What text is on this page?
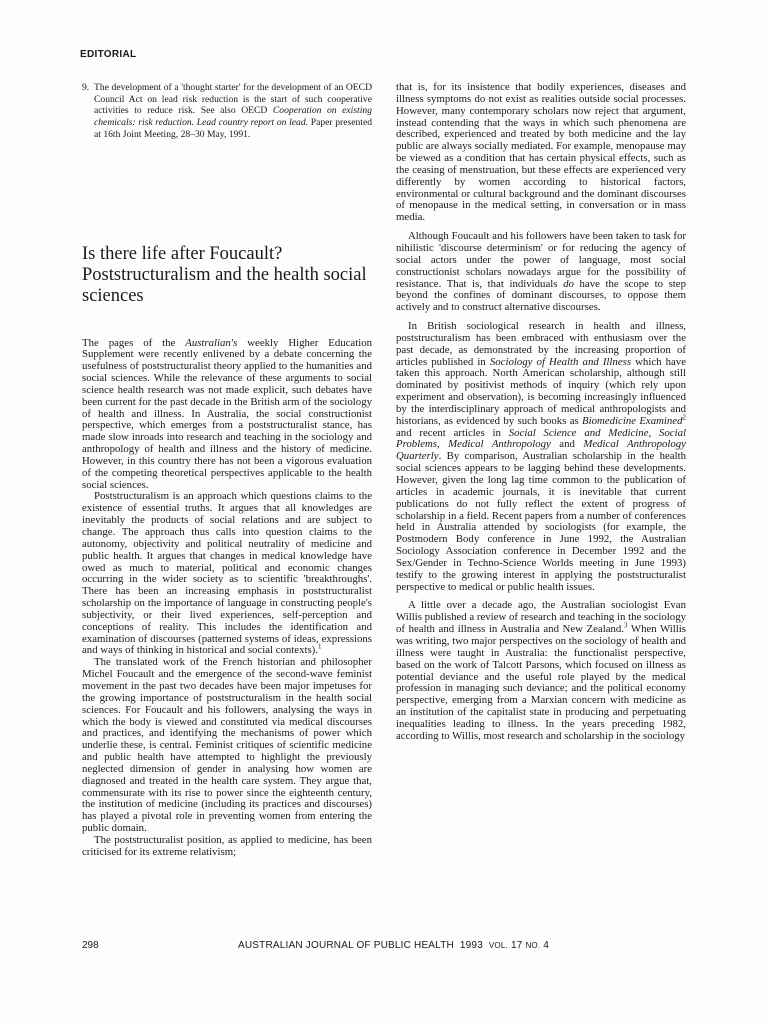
EDITORIAL

9. The development of a 'thought starter' for the development of an OECD Council Act on lead risk reduction is the start of such cooperative activities to reduce risk. See also OECD Cooperation on existing chemicals: risk reduction. Lead country report on lead. Paper presented at 16th Joint Meeting, 28–30 May, 1991.

Is there life after Foucault? Poststructuralism and the health social sciences

The pages of the Australian's weekly Higher Education Supplement were recently enlivened by a debate concerning the usefulness of poststructuralist theory applied to the humanities and social sciences. While the relevance of these arguments to social science health research was not made explicit, such debates have been current for the past decade in the British arm of the sociology of health and illness. In Australia, the social constructionist perspective, which emerges from a poststructuralist stance, has made slow inroads into research and teaching in the sociology and anthropology of health and illness and the history of medicine. However, in this country there has not been a vigorous evaluation of the competing theoretical perspectives applicable to the health social sciences.

Poststructuralism is an approach which questions claims to the existence of essential truths. It argues that all knowledges are inevitably the products of social relations and are subject to change. The approach thus calls into question claims to the autonomy, objectivity and political neutrality of medicine and public health. It argues that changes in medical knowledge have owed as much to material, political and economic changes occurring in the wider society as to scientific 'breakthroughs'. There has been an increasing emphasis in poststructuralist scholarship on the importance of language in constructing people's subjectivity, or their lived experiences, self-perception and conceptions of reality. This includes the identification and examination of discourses (patterned systems of ideas, expressions and ways of thinking in historical and social contexts).$^1$

The translated work of the French historian and philosopher Michel Foucault and the emergence of the second-wave feminist movement in the past two decades have been major impetuses for the growing importance of poststructuralism in the health social sciences. For Foucault and his followers, analysing the ways in which the body is viewed and constituted via medical discourses and practices, and identifying the mechanisms of power which underlie these, is central. Feminist critiques of scientific medicine and public health have attempted to highlight the previously neglected dimension of gender in analysing how women are diagnosed and treated in the health care system. They argue that, commensurate with its rise to power since the eighteenth century, the institution of medicine (including its practices and discourses) has played a pivotal role in preventing women from entering the public domain.

The poststructuralist position, as applied to medicine, has been criticised for its extreme relativism;

that is, for its insistence that bodily experiences, diseases and illness symptoms do not exist as realities outside social processes. However, many contemporary scholars now reject that argument, instead contending that the ways in which such phenomena are described, experienced and treated by both medicine and the lay public are always socially mediated. For example, menopause may be viewed as a condition that has certain physical effects, such as the ceasing of menstruation, but these effects are experienced very differently by women according to historical factors, environmental or cultural background and the dominant discourses of menopause in the medical setting, in conversation or in mass media.

Although Foucault and his followers have been taken to task for nihilistic 'discourse determinism' or for reducing the agency of social actors under the power of language, most social constructionist scholars nowadays argue for the possibility of resistance. That is, that individuals do have the scope to step beyond the confines of dominant discourses, to oppose them actively and to construct alternative discourses.

In British sociological research in health and illness, poststructuralism has been embraced with enthusiasm over the past decade, as demonstrated by the increasing proportion of articles published in Sociology of Health and Illness which have taken this approach. North American scholarship, although still dominated by positivist methods of inquiry (which rely upon experiment and observation), is becoming increasingly influenced by the interdisciplinary approach of medical anthropologists and historians, as evidenced by such books as Biomedicine Examined$^2$ and recent articles in Social Science and Medicine, Social Problems, Medical Anthropology and Medical Anthropology Quarterly. By comparison, Australian scholarship in the health social sciences appears to be lagging behind these developments. However, given the long lag time common to the publication of articles in academic journals, it is inevitable that current publications do not fully reflect the extent of progress of scholarship in a field. Recent papers from a number of conferences held in Australia attended by sociologists (for example, the Postmodern Body conference in June 1992, the Australian Sociology Association conference in December 1992 and the Sex/Gender in Techno-Science Worlds meeting in June 1993) testify to the growing interest in applying the poststructuralist perspective to medical or public health issues.

A little over a decade ago, the Australian sociologist Evan Willis published a review of research and teaching in the sociology of health and illness in Australia and New Zealand.$^3$ When Willis was writing, two major perspectives on the sociology of health and illness were taught in Australia: the functionalist perspective, based on the work of Talcott Parsons, which focused on illness as potential deviance and the useful role played by the medical profession in managing such deviance; and the political economy perspective, emerging from a Marxian concern with medicine as an institution of the capitalist state in producing and perpetuating inequalities leading to illness. In the years preceding 1982, according to Willis, most research and scholarship in the sociology

298	AUSTRALIAN JOURNAL OF PUBLIC HEALTH 1993 VOL. 17 NO. 4
